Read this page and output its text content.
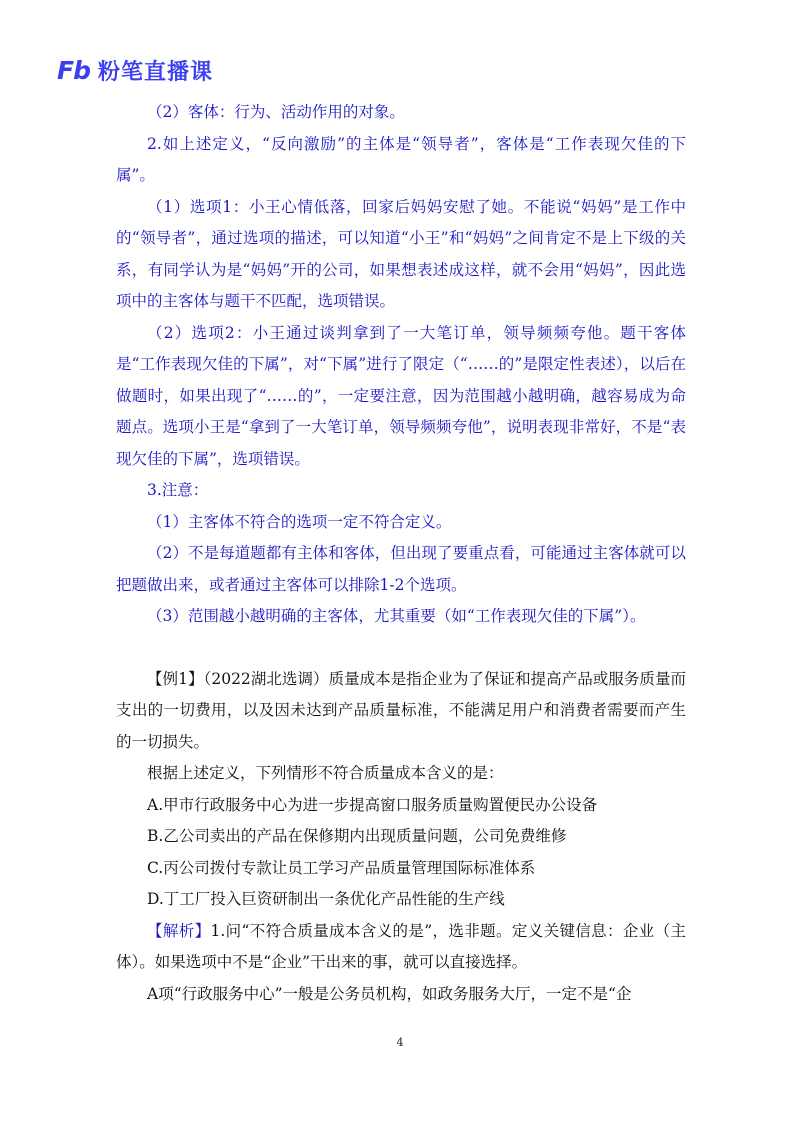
Fb 粉笔直播课

（2）客体：行为、活动作用的对象。

2.如上述定义，“反向激励”的主体是“领导者”，客体是“工作表现欠佳的下属”。

（1）选项1：小王心情低落，回家后妈妈安慰了她。不能说“妈妈”是工作中的“领导者”，通过选项的描述，可以知道“小王”和“妈妈”之间肯定不是上下级的关系，有同学认为是“妈妈”开的公司，如果想表述成这样，就不会用“妈妈”，因此选项中的主客体与题干不匹配，选项错误。

（2）选项2：小王通过谈判拿到了一大笔订单，领导频频夸他。题干客体是“工作表现欠佳的下属”，对“下属”进行了限定（“……的”是限定性表述），以后在做题时，如果出现了“……的”，一定要注意，因为范围越小越明确，越容易成为命题点。选项小王是“拿到了一大笔订单，领导频频夸他”，说明表现非常好，不是“表现欠佳的下属”，选项错误。

3.注意：

（1）主客体不符合的选项一定不符合定义。

（2）不是每道题都有主体和客体，但出现了要重点看，可能通过主客体就可以把题做出来，或者通过主客体可以排除1-2个选项。

（3）范围越小越明确的主客体，尤其重要（如“工作表现欠佳的下属”）。

【例1】（2022湖北选调）质量成本是指企业为了保证和提高产品或服务质量而支出的一切费用，以及因未达到产品质量标准，不能满足用户和消费者需要而产生的一切损失。

根据上述定义，下列情形不符合质量成本含义的是：

A.甲市行政服务中心为进一步提高窗口服务质量购置便民办公设备

B.乙公司卖出的产品在保修期内出现质量问题，公司免费维修

C.丙公司拨付专款让员工学习产品质量管理国际标准体系

D.丁工厂投入巨资研制出一条优化产品性能的生产线

【解析】1.问“不符合质量成本含义的是”，选非题。定义关键信息：企业（主体）。如果选项中不是“企业”干出来的事，就可以直接选择。

A项“行政服务中心”一般是公务员机构，如政务服务大厅，一定不是“企

4
